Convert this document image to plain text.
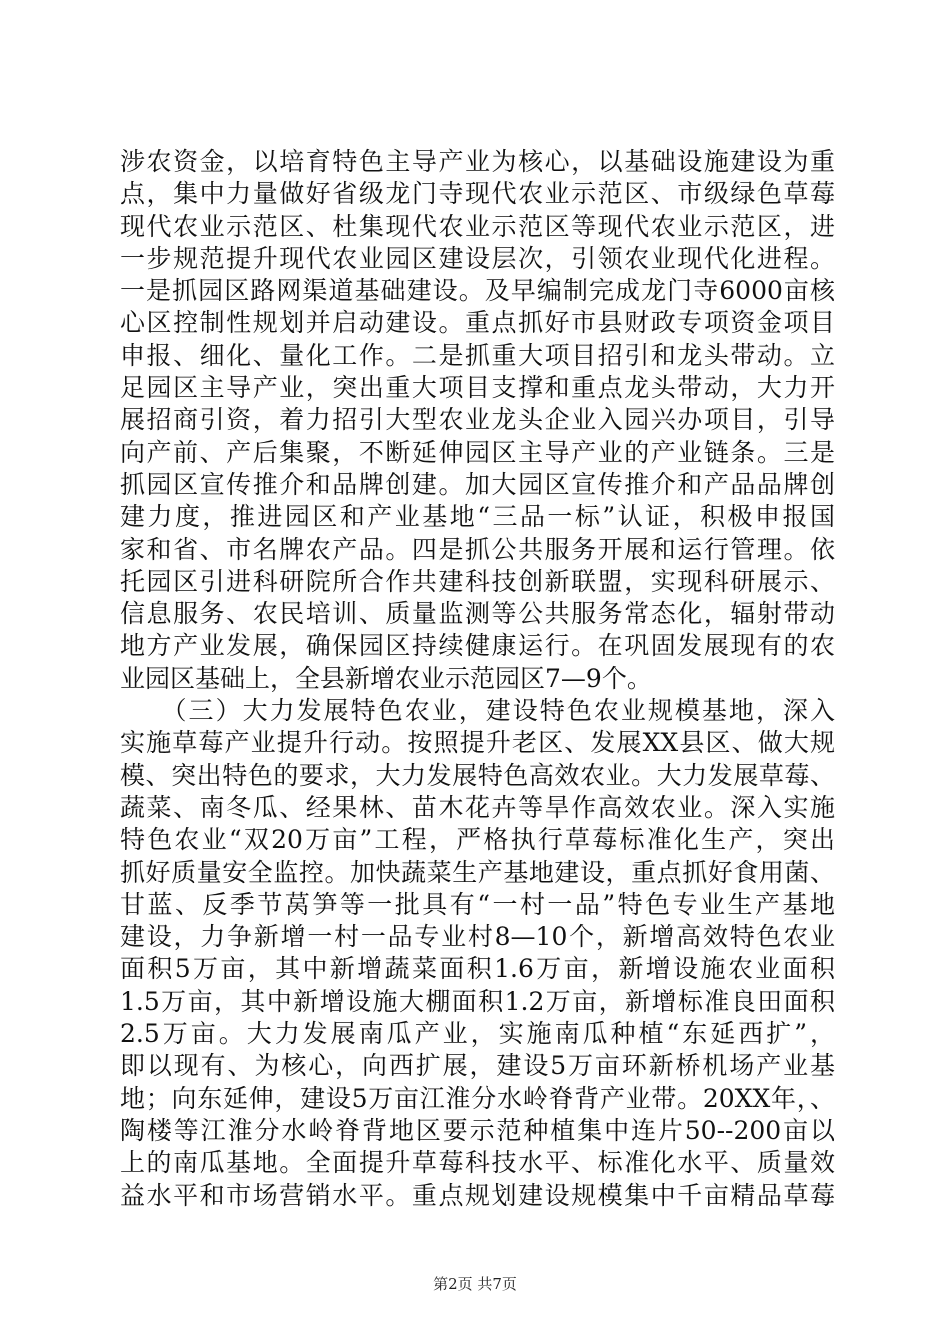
涉农资金，以培育特色主导产业为核心，以基础设施建设为重
点，集中力量做好省级龙门寺现代农业示范区、市级绿色草莓
现代农业示范区、杜集现代农业示范区等现代农业示范区，进
一步规范提升现代农业园区建设层次，引领农业现代化进程。
一是抓园区路网渠道基础建设。及早编制完成龙门寺6000亩核
心区控制性规划并启动建设。重点抓好市县财政专项资金项目
申报、细化、量化工作。二是抓重大项目招引和龙头带动。立
足园区主导产业，突出重大项目支撑和重点龙头带动，大力开
展招商引资，着力招引大型农业龙头企业入园兴办项目，引导
向产前、产后集聚，不断延伸园区主导产业的产业链条。三是
抓园区宣传推介和品牌创建。加大园区宣传推介和产品品牌创
建力度，推进园区和产业基地“三品一标”认证，积极申报国
家和省、市名牌农产品。四是抓公共服务开展和运行管理。依
托园区引进科研院所合作共建科技创新联盟，实现科研展示、
信息服务、农民培训、质量监测等公共服务常态化，辐射带动
地方产业发展，确保园区持续健康运行。在巩固发展现有的农
业园区基础上，全县新增农业示范园区7—9个。
　　（三）大力发展特色农业，建设特色农业规模基地，深入
实施草莓产业提升行动。按照提升老区、发展XX县区、做大规
模、突出特色的要求，大力发展特色高效农业。大力发展草莓、
蔬菜、南冬瓜、经果林、苗木花卉等旱作高效农业。深入实施
特色农业“双20万亩”工程，严格执行草莓标准化生产，突出
抓好质量安全监控。加快蔬菜生产基地建设，重点抓好食用菌、
甘蓝、反季节莴笋等一批具有“一村一品”特色专业生产基地
建设，力争新增一村一品专业村8—10个，新增高效特色农业
面积5万亩，其中新增蔬菜面积1.6万亩，新增设施农业面积
1.5万亩，其中新增设施大棚面积1.2万亩，新增标准良田面积
2.5万亩。大力发展南瓜产业，实施南瓜种植“东延西扩”，
即以现有、为核心，向西扩展，建设5万亩环新桥机场产业基
地；向东延伸，建设5万亩江淮分水岭脊背产业带。20XX年，、
陶楼等江淮分水岭脊背地区要示范种植集中连片50--200亩以
上的南瓜基地。全面提升草莓科技水平、标准化水平、质量效
益水平和市场营销水平。重点规划建设规模集中千亩精品草莓
第2页 共7页
